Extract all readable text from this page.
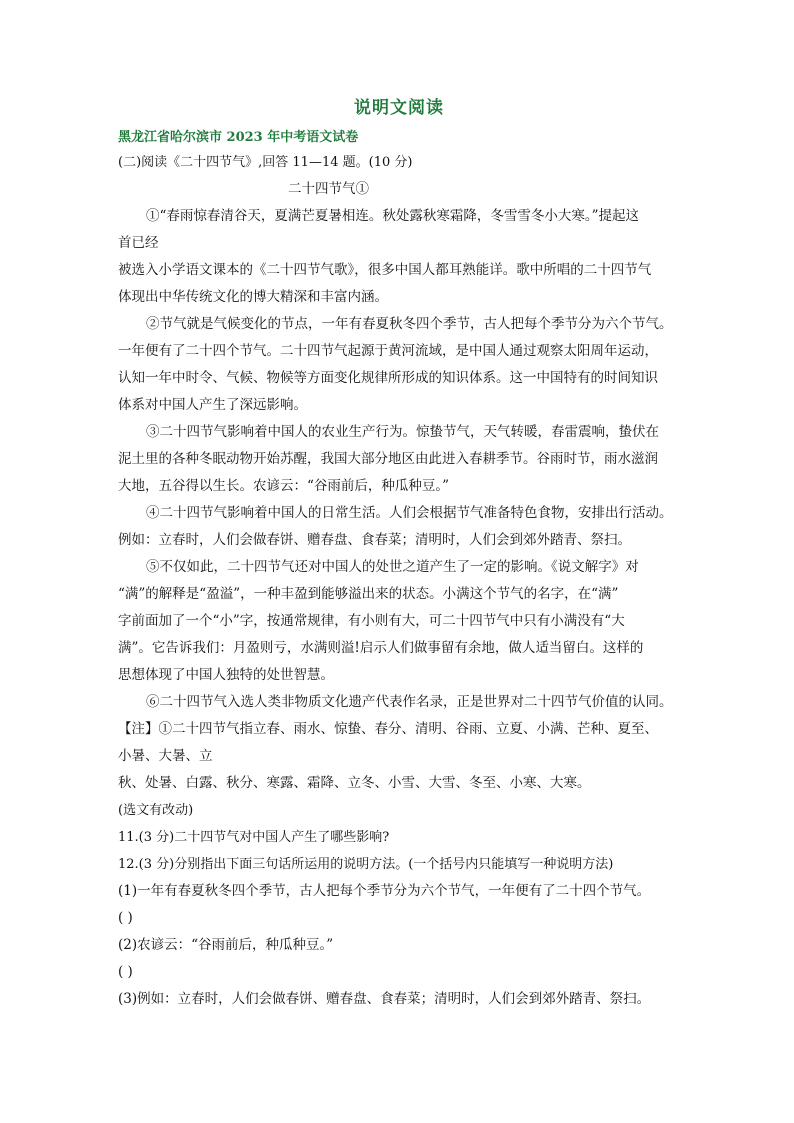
说明文阅读
黑龙江省哈尔滨市 2023 年中考语文试卷
(二)阅读《二十四节气》,回答 11—14 题。(10 分)
二十四节气①
①“春雨惊春清谷天，夏满芒夏暑相连。秋处露秋寒霜降，冬雪雪冬小大寒。”提起这
首已经
被选入小学语文课本的《二十四节气歌》，很多中国人都耳熟能详。歌中所唱的二十四节气
体现出中华传统文化的博大精深和丰富内涵。
②节气就是气候变化的节点，一年有春夏秋冬四个季节，古人把每个季节分为六个节气。
一年便有了二十四个节气。二十四节气起源于黄河流域，是中国人通过观察太阳周年运动，
认知一年中时令、气候、物候等方面变化规律所形成的知识体系。这一中国特有的时间知识
体系对中国人产生了深远影响。
③二十四节气影响着中国人的农业生产行为。惊蛰节气，天气转暖，春雷震响，蛰伏在
泥土里的各种冬眠动物开始苏醒，我国大部分地区由此进入春耕季节。谷雨时节，雨水滋润
大地，五谷得以生长。农谚云：“谷雨前后，种瓜种豆。”
④二十四节气影响着中国人的日常生活。人们会根据节气准备特色食物，安排出行活动。
例如：立春时，人们会做春饼、赠春盘、食春菜；清明时，人们会到郊外踏青、祭扫。
⑤不仅如此，二十四节气还对中国人的处世之道产生了一定的影响。《说文解字》对
“满”的解释是“盈溢”，一种丰盈到能够溢出来的状态。小满这个节气的名字，在“满”
字前面加了一个“小”字，按通常规律，有小则有大，可二十四节气中只有小满没有“大
满”。它告诉我们：月盈则亏，水满则溢!启示人们做事留有余地，做人适当留白。这样的
思想体现了中国人独特的处世智慧。
⑥二十四节气入选人类非物质文化遗产代表作名录，正是世界对二十四节气价值的认同。
【注】①二十四节气指立春、雨水、惊蛰、春分、清明、谷雨、立夏、小满、芒种、夏至、
小暑、大暑、立
秋、处暑、白露、秋分、寒露、霜降、立冬、小雪、大雪、冬至、小寒、大寒。
(选文有改动)
11.(3 分)二十四节气对中国人产生了哪些影响?
12.(3 分)分别指出下面三句话所运用的说明方法。(一个括号内只能填写一种说明方法)
(1)一年有春夏秋冬四个季节，古人把每个季节分为六个节气，一年便有了二十四个节气。
( )
(2)农谚云：“谷雨前后，种瓜种豆。”
( )
(3)例如：立春时，人们会做春饼、赠春盘、食春菜；清明时，人们会到郊外踏青、祭扫。
